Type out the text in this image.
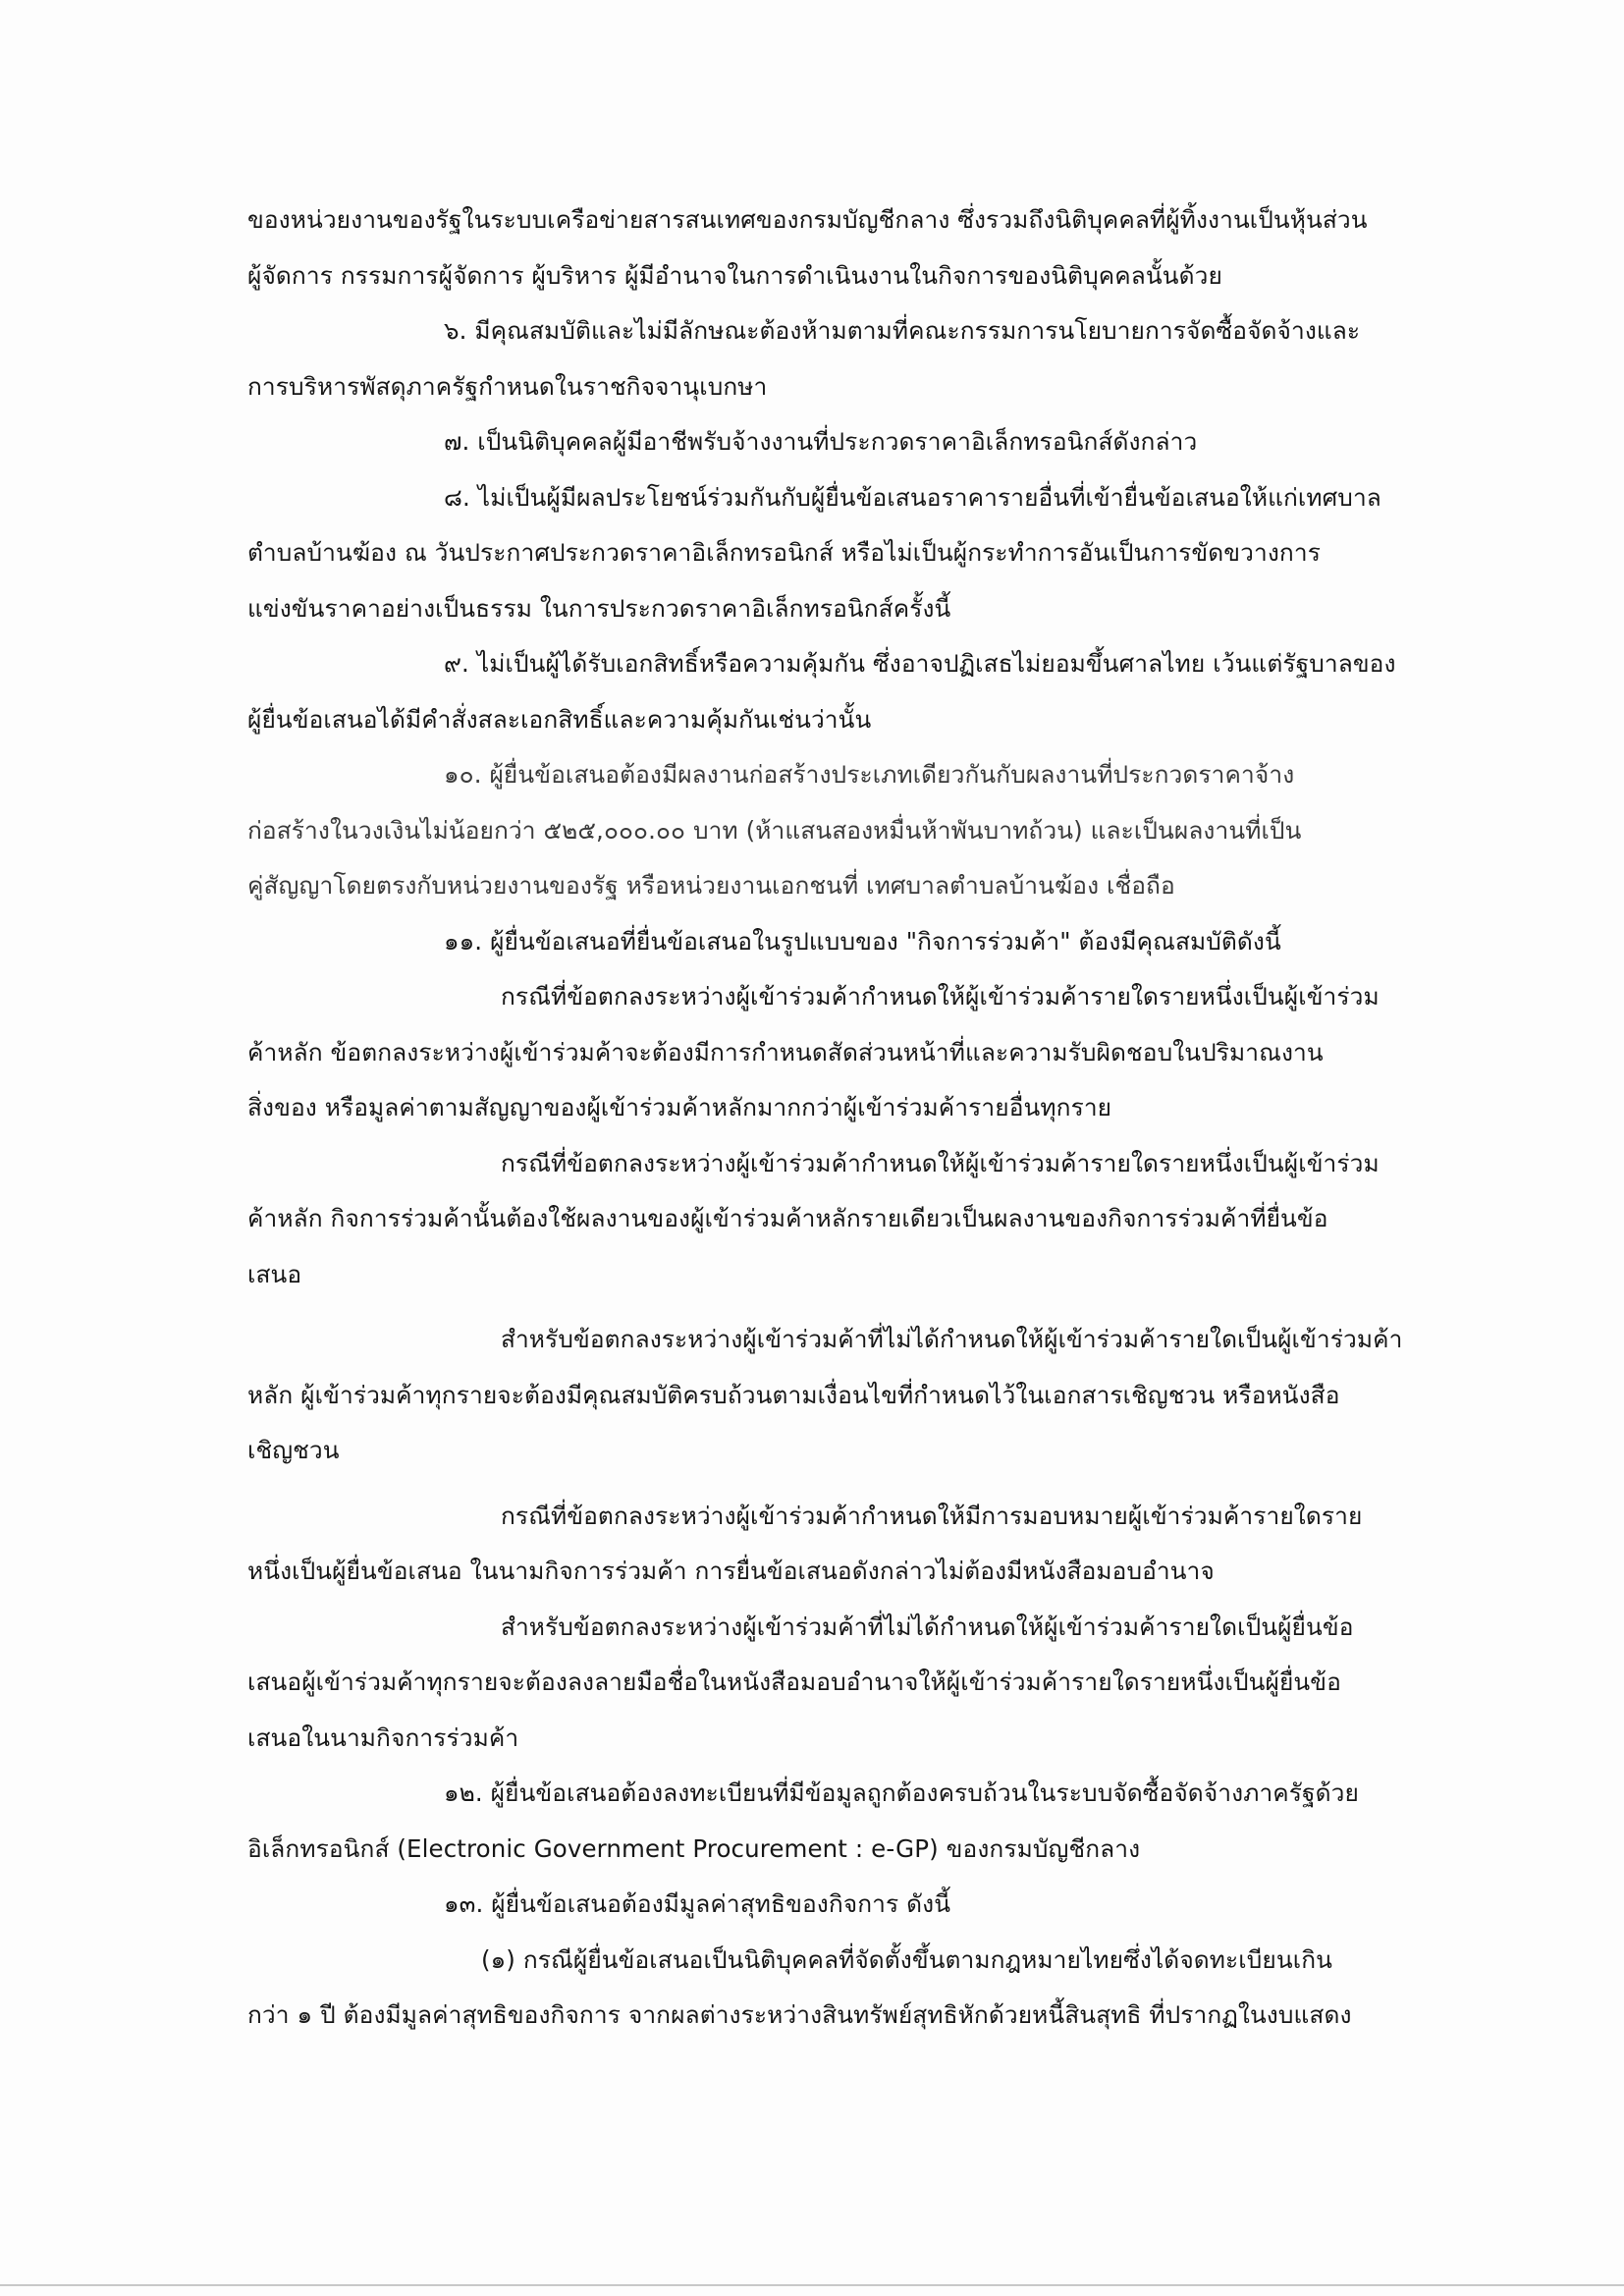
ของหน่วยงานของรัฐในระบบเครือข่ายสารสนเทศของกรมบัญชีกลาง ซึ่งรวมถึงนิติบุคคลที่ผู้ทิ้งงานเป็นหุ้นส่วน
ผู้จัดการ กรรมการผู้จัดการ ผู้บริหาร ผู้มีอำนาจในการดำเนินงานในกิจการของนิติบุคคลนั้นด้วย
๖. มีคุณสมบัติและไม่มีลักษณะต้องห้ามตามที่คณะกรรมการนโยบายการจัดซื้อจัดจ้างและ
การบริหารพัสดุภาครัฐกำหนดในราชกิจจานุเบกษา
๗. เป็นนิติบุคคลผู้มีอาชีพรับจ้างงานที่ประกวดราคาอิเล็กทรอนิกส์ดังกล่าว
๘. ไม่เป็นผู้มีผลประโยชน์ร่วมกันกับผู้ยื่นข้อเสนอราคารายอื่นที่เข้ายื่นข้อเสนอให้แก่เทศบาล
ตำบลบ้านฆ้อง ณ วันประกาศประกวดราคาอิเล็กทรอนิกส์ หรือไม่เป็นผู้กระทำการอันเป็นการขัดขวางการ
แข่งขันราคาอย่างเป็นธรรม ในการประกวดราคาอิเล็กทรอนิกส์ครั้งนี้
๙. ไม่เป็นผู้ได้รับเอกสิทธิ์หรือความคุ้มกัน ซึ่งอาจปฏิเสธไม่ยอมขึ้นศาลไทย เว้นแต่รัฐบาลของ
ผู้ยื่นข้อเสนอได้มีคำสั่งสละเอกสิทธิ์และความคุ้มกันเช่นว่านั้น
๑๐. ผู้ยื่นข้อเสนอต้องมีผลงานก่อสร้างประเภทเดียวกันกับผลงานที่ประกวดราคาจ้าง
ก่อสร้างในวงเงินไม่น้อยกว่า ๕๒๕,๐๐๐.๐๐ บาท (ห้าแสนสองหมื่นห้าพันบาทถ้วน) และเป็นผลงานที่เป็น
คู่สัญญาโดยตรงกับหน่วยงานของรัฐ หรือหน่วยงานเอกชนที่ เทศบาลตำบลบ้านฆ้อง เชื่อถือ
๑๑. ผู้ยื่นข้อเสนอที่ยื่นข้อเสนอในรูปแบบของ "กิจการร่วมค้า" ต้องมีคุณสมบัติดังนี้
กรณีที่ข้อตกลงระหว่างผู้เข้าร่วมค้ากำหนดให้ผู้เข้าร่วมค้ารายใดรายหนึ่งเป็นผู้เข้าร่วม
ค้าหลัก ข้อตกลงระหว่างผู้เข้าร่วมค้าจะต้องมีการกำหนดสัดส่วนหน้าที่และความรับผิดชอบในปริมาณงาน
สิ่งของ หรือมูลค่าตามสัญญาของผู้เข้าร่วมค้าหลักมากกว่าผู้เข้าร่วมค้ารายอื่นทุกราย
กรณีที่ข้อตกลงระหว่างผู้เข้าร่วมค้ากำหนดให้ผู้เข้าร่วมค้ารายใดรายหนึ่งเป็นผู้เข้าร่วม
ค้าหลัก กิจการร่วมค้านั้นต้องใช้ผลงานของผู้เข้าร่วมค้าหลักรายเดียวเป็นผลงานของกิจการร่วมค้าที่ยื่นข้อ
เสนอ
สำหรับข้อตกลงระหว่างผู้เข้าร่วมค้าที่ไม่ได้กำหนดให้ผู้เข้าร่วมค้ารายใดเป็นผู้เข้าร่วมค้า
หลัก ผู้เข้าร่วมค้าทุกรายจะต้องมีคุณสมบัติครบถ้วนตามเงื่อนไขที่กำหนดไว้ในเอกสารเชิญชวน หรือหนังสือ
เชิญชวน
กรณีที่ข้อตกลงระหว่างผู้เข้าร่วมค้ากำหนดให้มีการมอบหมายผู้เข้าร่วมค้ารายใดราย
หนึ่งเป็นผู้ยื่นข้อเสนอ ในนามกิจการร่วมค้า การยื่นข้อเสนอดังกล่าวไม่ต้องมีหนังสือมอบอำนาจ
สำหรับข้อตกลงระหว่างผู้เข้าร่วมค้าที่ไม่ได้กำหนดให้ผู้เข้าร่วมค้ารายใดเป็นผู้ยื่นข้อ
เสนอผู้เข้าร่วมค้าทุกรายจะต้องลงลายมือชื่อในหนังสือมอบอำนาจให้ผู้เข้าร่วมค้ารายใดรายหนึ่งเป็นผู้ยื่นข้อ
เสนอในนามกิจการร่วมค้า
๑๒. ผู้ยื่นข้อเสนอต้องลงทะเบียนที่มีข้อมูลถูกต้องครบถ้วนในระบบจัดซื้อจัดจ้างภาครัฐด้วย
อิเล็กทรอนิกส์ (Electronic Government Procurement : e-GP) ของกรมบัญชีกลาง
๑๓. ผู้ยื่นข้อเสนอต้องมีมูลค่าสุทธิของกิจการ ดังนี้
(๑) กรณีผู้ยื่นข้อเสนอเป็นนิติบุคคลที่จัดตั้งขึ้นตามกฎหมายไทยซึ่งได้จดทะเบียนเกิน
กว่า ๑ ปี ต้องมีมูลค่าสุทธิของกิจการ จากผลต่างระหว่างสินทรัพย์สุทธิหักด้วยหนี้สินสุทธิ ที่ปรากฏในงบแสดง
